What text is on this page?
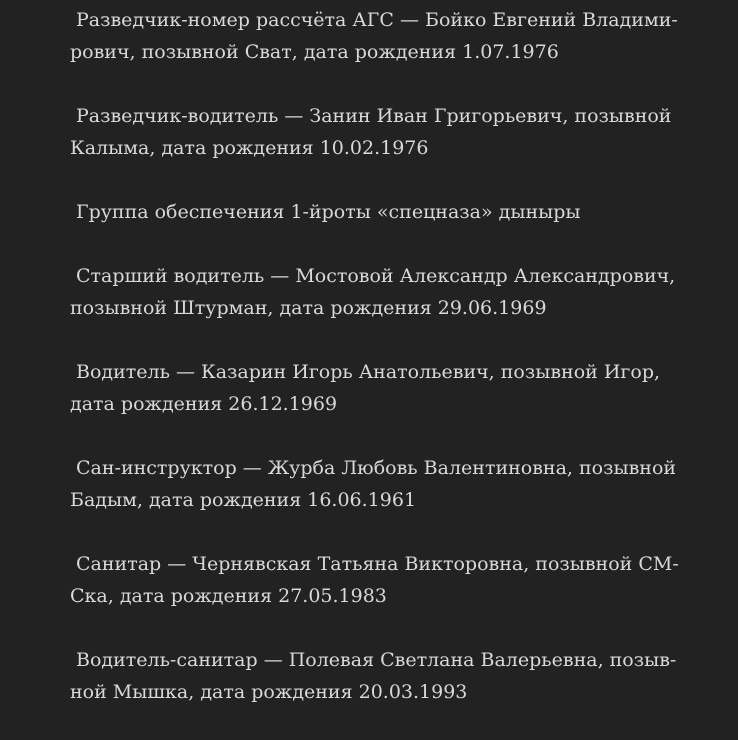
Разведчик-номер рассчёта АГС — Бойко Евгений Владими-
рович, позывной Сват, дата рождения 1.07.1976

Разведчик-водитель — Занин Иван Григорьевич, позывной
Калыма, дата рождения 10.02.1976

Группа обеспечения 1-йроты «спецназа» дыныры

Старший водитель — Мостовой Александр Александрович,
позывной Штурман, дата рождения 29.06.1969

Водитель — Казарин Игорь Анатольевич, позывной Игор,
дата рождения 26.12.1969

Сан-инструктор — Журба Любовь Валентиновна, позывной
Бадым, дата рождения 16.06.1961

Санитар — Чернявская Татьяна Викторовна, позывной СМ-
Ска, дата рождения 27.05.1983

Водитель-санитар — Полевая Светлана Валерьевна, позыв-
ной Мышка, дата рождения 20.03.1993
